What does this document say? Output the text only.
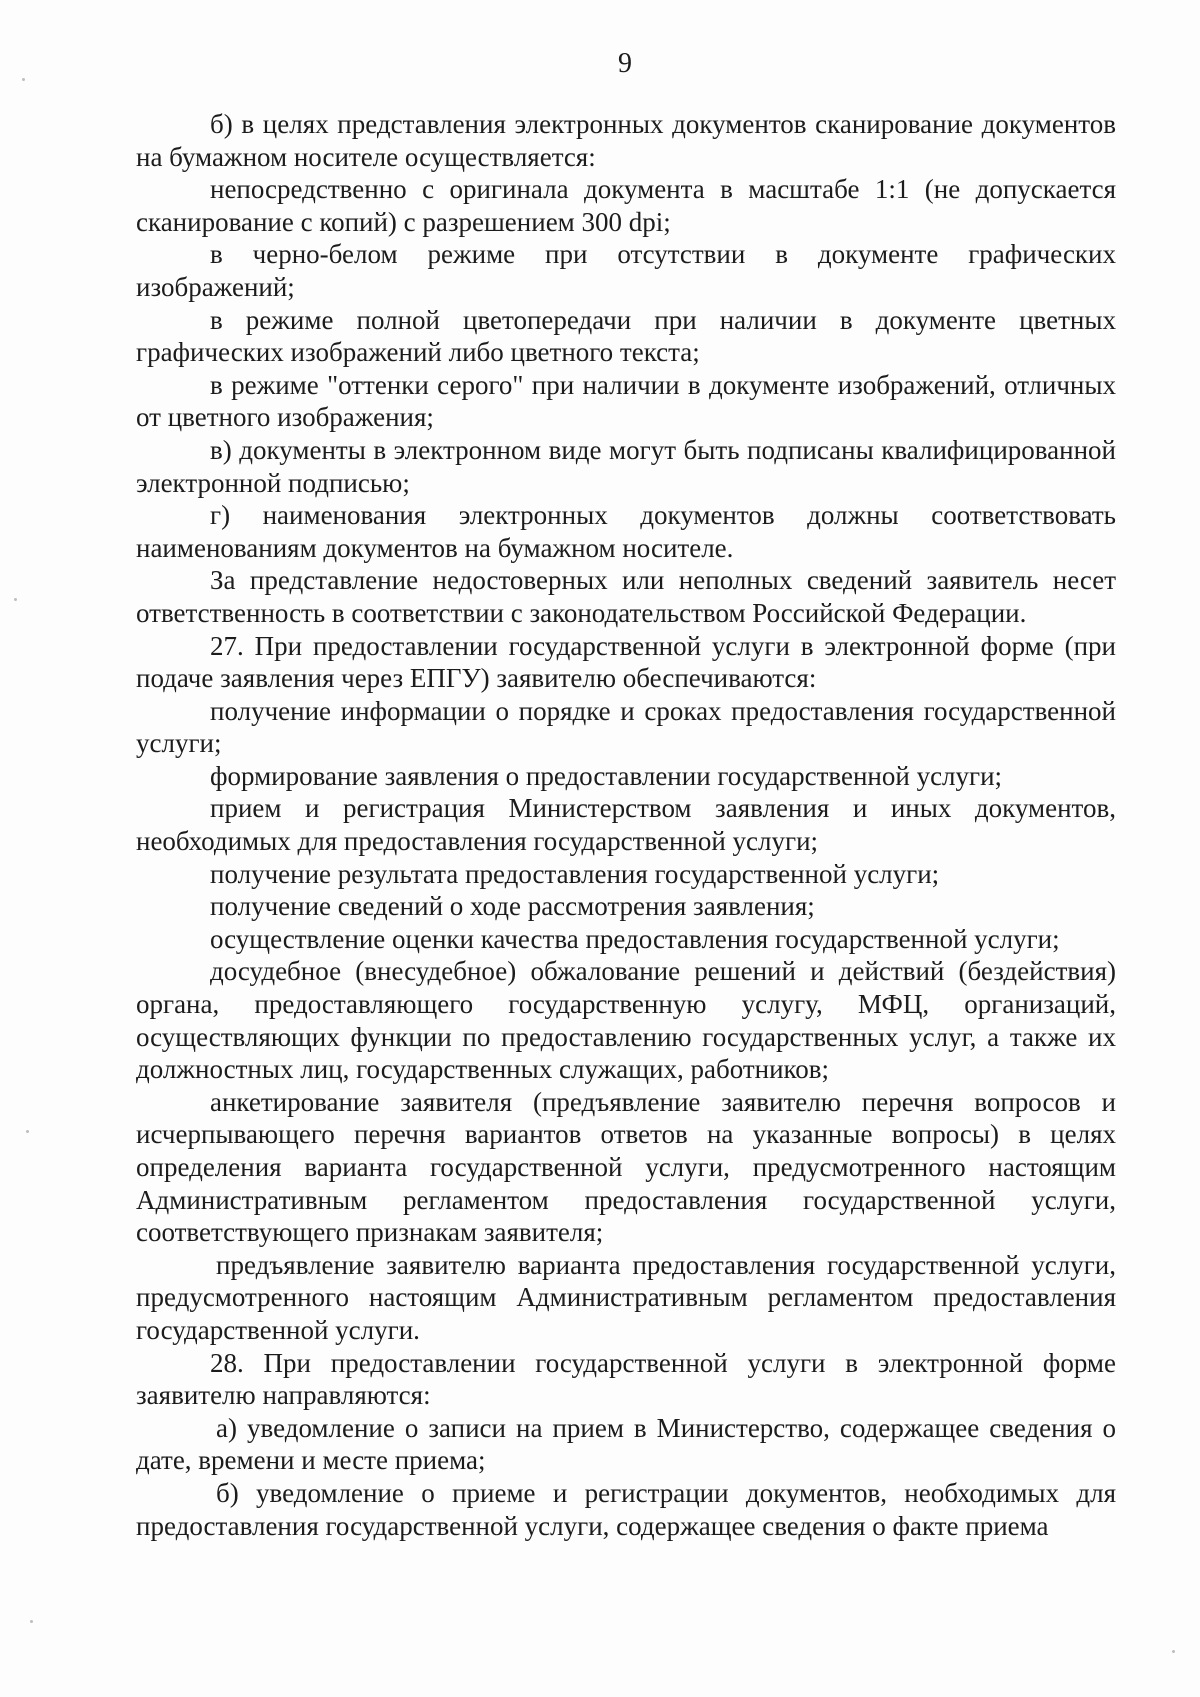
9

б) в целях представления электронных документов сканирование документов на бумажном носителе осуществляется:

непосредственно с оригинала документа в масштабе 1:1 (не допускается сканирование с копий) с разрешением 300 dpi;

в черно-белом режиме при отсутствии в документе графических изображений;

в режиме полной цветопередачи при наличии в документе цветных графических изображений либо цветного текста;

в режиме "оттенки серого" при наличии в документе изображений, отличных от цветного изображения;

в) документы в электронном виде могут быть подписаны квалифицированной электронной подписью;

г) наименования электронных документов должны соответствовать наименованиям документов на бумажном носителе.

За представление недостоверных или неполных сведений заявитель несет ответственность в соответствии с законодательством Российской Федерации.

27. При предоставлении государственной услуги в электронной форме (при подаче заявления через ЕПГУ) заявителю обеспечиваются:

получение информации о порядке и сроках предоставления государственной услуги;

формирование заявления о предоставлении государственной услуги;

прием и регистрация Министерством заявления и иных документов, необходимых для предоставления государственной услуги;

получение результата предоставления государственной услуги;

получение сведений о ходе рассмотрения заявления;

осуществление оценки качества предоставления государственной услуги;

досудебное (внесудебное) обжалование решений и действий (бездействия) органа, предоставляющего государственную услугу, МФЦ, организаций, осуществляющих функции по предоставлению государственных услуг, а также их должностных лиц, государственных служащих, работников;

анкетирование заявителя (предъявление заявителю перечня вопросов и исчерпывающего перечня вариантов ответов на указанные вопросы) в целях определения варианта государственной услуги, предусмотренного настоящим Административным регламентом предоставления государственной услуги, соответствующего признакам заявителя;

предъявление заявителю варианта предоставления государственной услуги, предусмотренного настоящим Административным регламентом предоставления государственной услуги.

28. При предоставлении государственной услуги в электронной форме заявителю направляются:

а) уведомление о записи на прием в Министерство, содержащее сведения о дате, времени и месте приема;

б) уведомление о приеме и регистрации документов, необходимых для предоставления государственной услуги, содержащее сведения о факте приема
